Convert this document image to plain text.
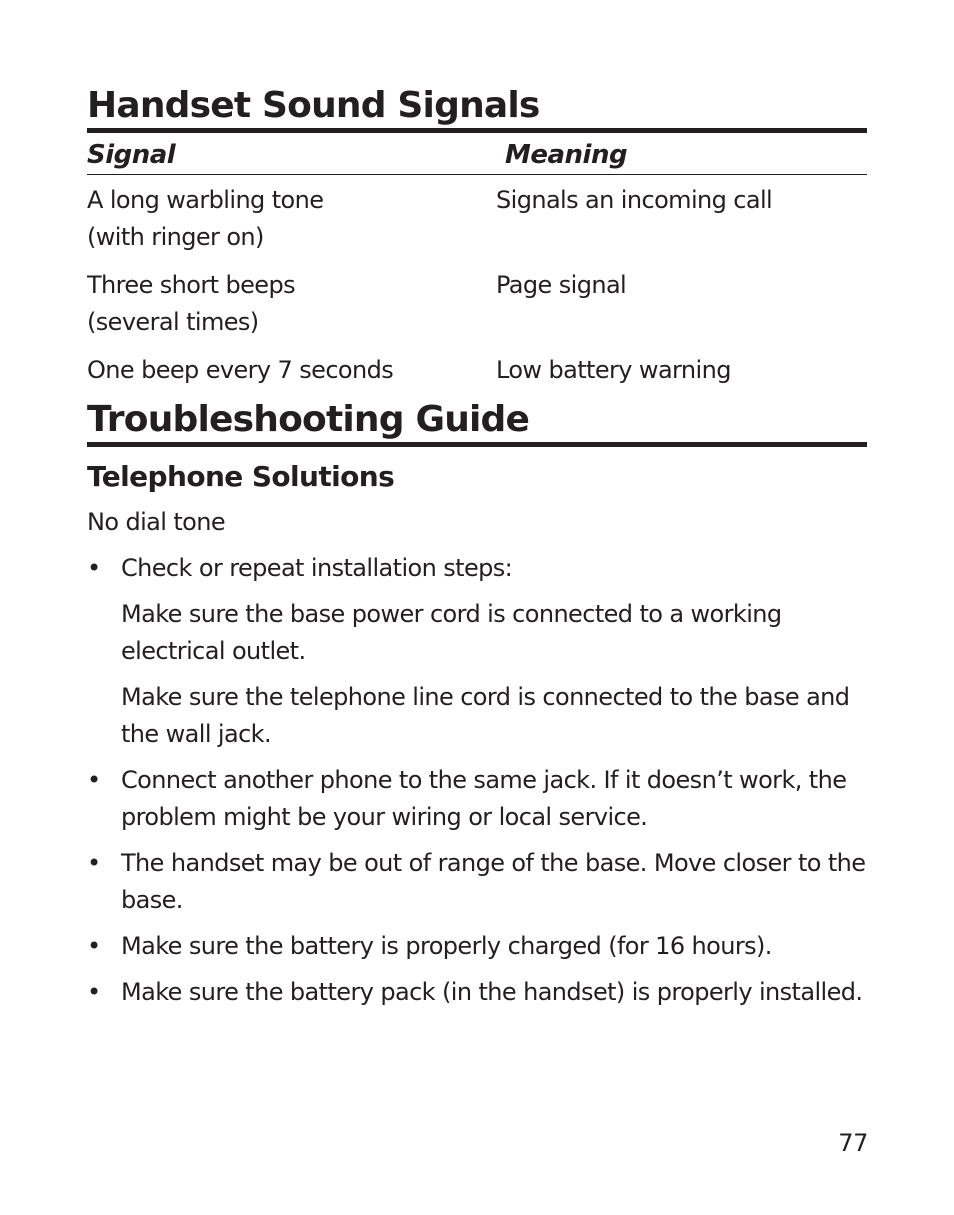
Handset Sound Signals
Signal	Meaning
A long warbling tone
(with ringer on)
Signals an incoming call
Three short beeps
(several times)
Page signal
One beep every 7 seconds	Low battery warning
Troubleshooting Guide
Telephone Solutions
No dial tone
• Check or repeat installation steps:
Make sure the base power cord is connected to a working electrical outlet.
Make sure the telephone line cord is connected to the base and the wall jack.
• Connect another phone to the same jack. If it doesn’t work, the problem might be your wiring or local service.
• The handset may be out of range of the base. Move closer to the base.
• Make sure the battery is properly charged (for 16 hours).
• Make sure the battery pack (in the handset) is properly installed.
77
